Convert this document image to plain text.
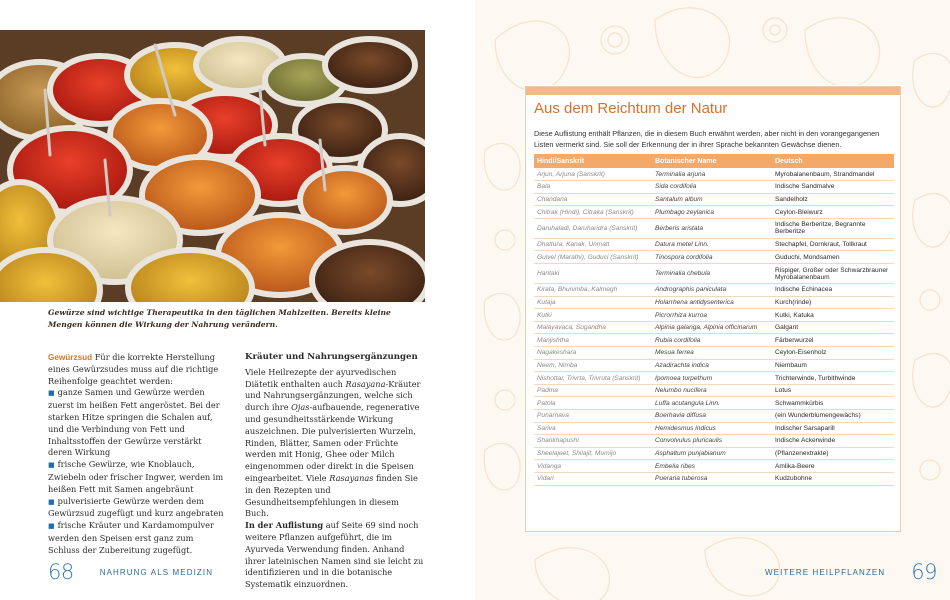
Gewürze sind wichtige Therapeutika in den täglichen Mahlzeiten. Bereits kleine Mengen können die Wirkung der Nahrung verändern.
Gewürzsud Für die korrekte Herstellung eines Gewürzsudes muss auf die richtige Reihenfolge geachtet werden:
■ ganze Samen und Gewürze werden zuerst im heißen Fett angeröstet. Bei der starken Hitze springen die Schalen auf, und die Verbindung von Fett und Inhaltsstoffen der Gewürze verstärkt deren Wirkung
■ frische Gewürze, wie Knoblauch, Zwiebeln oder frischer Ingwer, werden im heißen Fett mit Samen angebräunt
■ pulverisierte Gewürze werden dem Gewürzsud zugefügt und kurz angebraten
■ frische Kräuter und Kardamompulver werden den Speisen erst ganz zum Schluss der Zubereitung zugefügt.
Kräuter und Nahrungsergänzungen

Viele Heilrezepte der ayurvedischen Diätetik enthalten auch Rasayana-Kräuter und Nahrungsergänzungen, welche sich durch ihre Ojas-aufbauende, regenerative und gesundheitsstärkende Wirkung auszeichnen. Die pulverisierten Wurzeln, Rinden, Blätter, Samen oder Früchte werden mit Honig, Ghee oder Milch eingenommen oder direkt in die Speisen eingearbeitet. Viele Rasayanas finden Sie in den Rezepten und Gesundheitsempfehlungen in diesem Buch.

In der Auflistung auf Seite 69 sind noch weitere Pflanzen aufgeführt, die im Ayurveda Verwendung finden. Anhand ihrer lateinischen Namen sind sie leicht zu identifizieren und in die botanische Systematik einzuordnen.

68	NAHRUNG ALS MEDIZIN
Aus dem Reichtum der Natur
Diese Auflistung enthält Pflanzen, die in diesem Buch erwähnt werden, aber nicht in den vorangegangenen Listen vermerkt sind. Sie soll der Erkennung der in ihrer Sprache bekannten Gewächse dienen.
Hindi/Sanskrit	Botanischer Name	Deutsch
Arjun, Arjuna (Sanskrit)	Terminalia arjuna	Myrobalanenbaum, Strandmandel
Bala	Sida cordifolia	Indische Sandmalve
Chandana	Santalum album	Sandelholz
Chitrak (Hindi), Citraka (Sanskrit)	Plumbago zeylanica	Ceylon-Bleiwurz
Daruhaladi, Daruharidra (Sanskrit)	Berberis aristata	Indische Berberitze, Begrannte Berberitze
Dhattura, Kanak, Unmatt	Datura metel Linn.	Stechapfel, Dornkraut, Tollkraut
Gulvel (Marathi), Guduci (Sanskrit)	Tinospora cordifolia	Guduchi, Mondsamen
Haritaki	Terminalia chebula	Rispiger, Großer oder Schwarzbrauner Myrobalanenbaum
Kirata, Bhunimba, Kalmegh	Andrographis paniculata	Indische Echinacea
Kutaja	Holarrhena antidysenterica	Kurch(rinde)
Kutki	Picrorrhiza kurroa	Kutki, Katuka
Malayavaca, Sugandha	Alpinia galanga, Alpinia officinarum	Galgant
Manjishtha	Rubia cordifolia	Färberwurzel
Nagakeshara	Mesua ferrea	Ceylon-Eisenholz
Neem, Nimba	Azadirachta indica	Niembaum
Nishottar, Trivrta, Trivruta (Sanskrit)	Ipomoea turpethum	Trichterwinde, Turbithwinde
Padma	Nelumbo nucifera	Lotus
Patola	Luffa acutangula Linn.	Schwammkürbis
Punarnava	Boerhavia diffusa	(ein Wunderblumengewächs)
Sariva	Hemidesmus indicus	Indischer Sarsaparill
Shankhapushi	Convolvulus pluricaulis	Indische Ackerwinde
Sheelajeet, Shilajit, Mumijo	Asphaltum punjabianum	(Pflanzenextrakte)
Vidanga	Embelia ribes	Amlika-Beere
Vidari	Pueraria tuberosa	Kudzubohne
WEITERE HEILPFLANZEN 69
